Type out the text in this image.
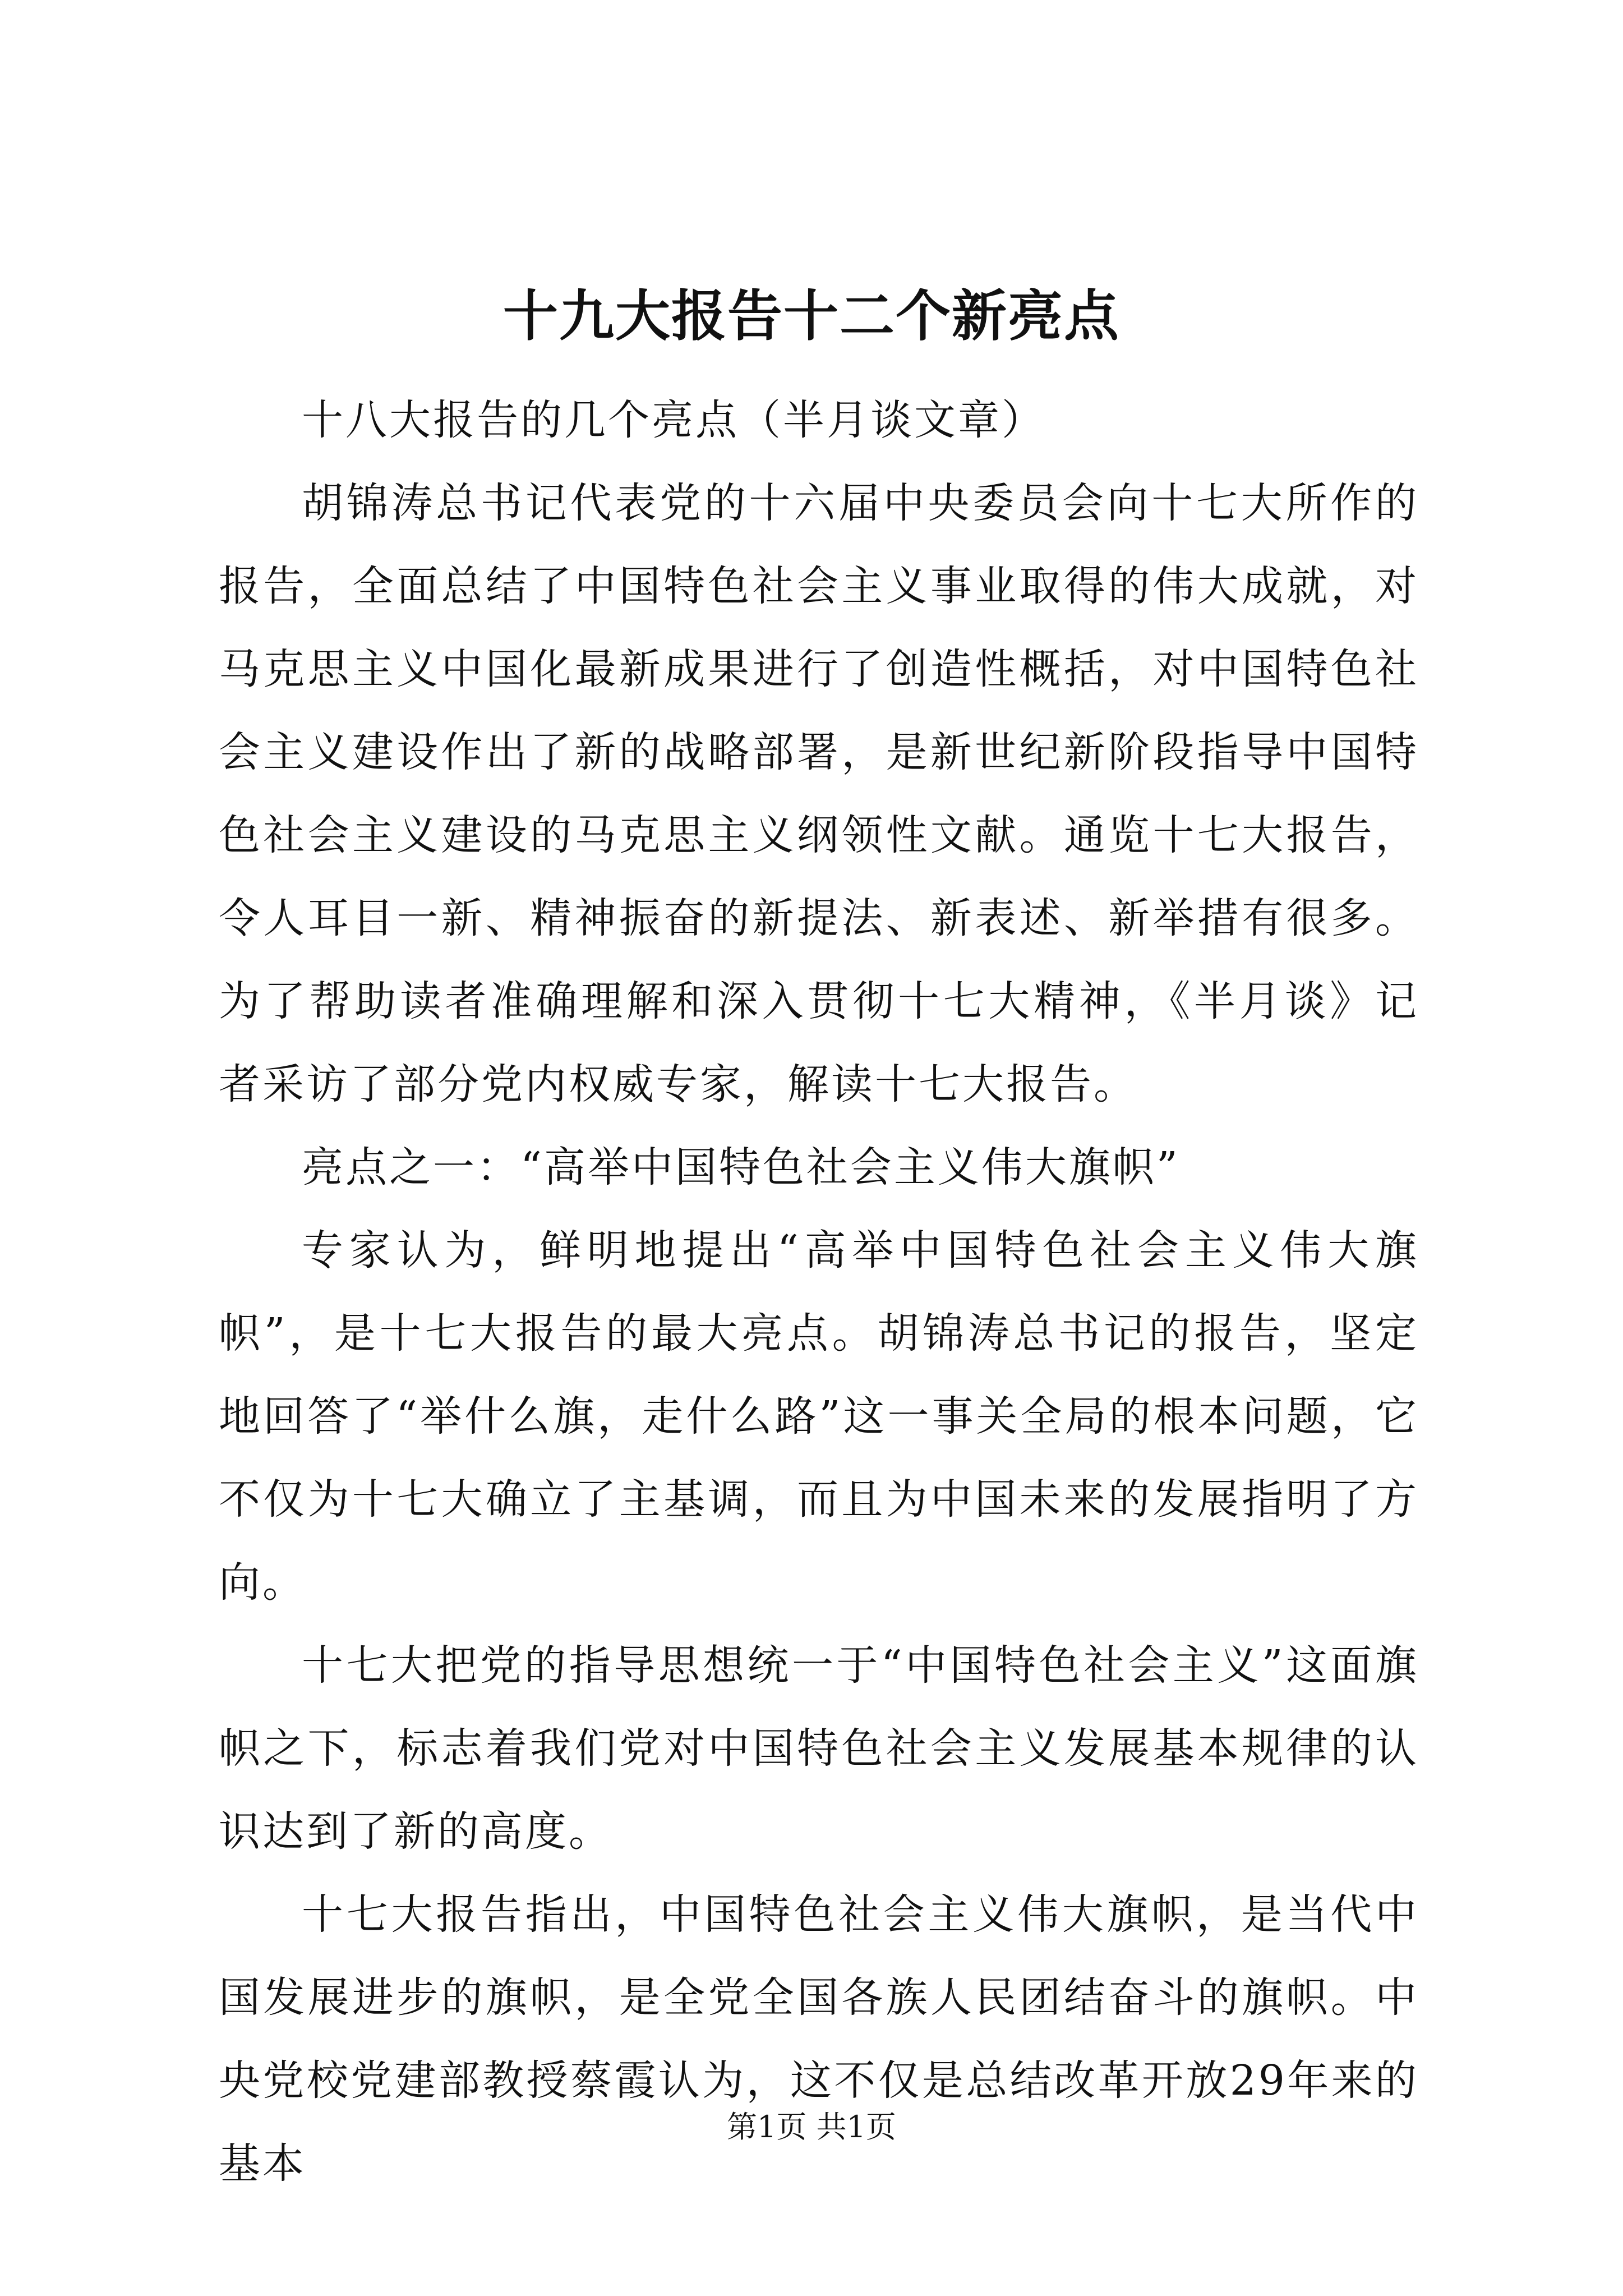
十九大报告十二个新亮点

十八大报告的几个亮点（半月谈文章）

胡锦涛总书记代表党的十六届中央委员会向十七大所作的报告，全面总结了中国特色社会主义事业取得的伟大成就，对马克思主义中国化最新成果进行了创造性概括，对中国特色社会主义建设作出了新的战略部署，是新世纪新阶段指导中国特色社会主义建设的马克思主义纲领性文献。通览十七大报告，令人耳目一新、精神振奋的新提法、新表述、新举措有很多。为了帮助读者准确理解和深入贯彻十七大精神，《半月谈》记者采访了部分党内权威专家，解读十七大报告。

亮点之一：“高举中国特色社会主义伟大旗帜”

专家认为，鲜明地提出“高举中国特色社会主义伟大旗帜”，是十七大报告的最大亮点。胡锦涛总书记的报告，坚定地回答了“举什么旗，走什么路”这一事关全局的根本问题，它不仅为十七大确立了主基调，而且为中国未来的发展指明了方向。

十七大把党的指导思想统一于“中国特色社会主义”这面旗帜之下，标志着我们党对中国特色社会主义发展基本规律的认识达到了新的高度。

十七大报告指出，中国特色社会主义伟大旗帜，是当代中国发展进步的旗帜，是全党全国各族人民团结奋斗的旗帜。中央党校党建部教授蔡霞认为，这不仅是总结改革开放29年来的基本

第1页 共1页
